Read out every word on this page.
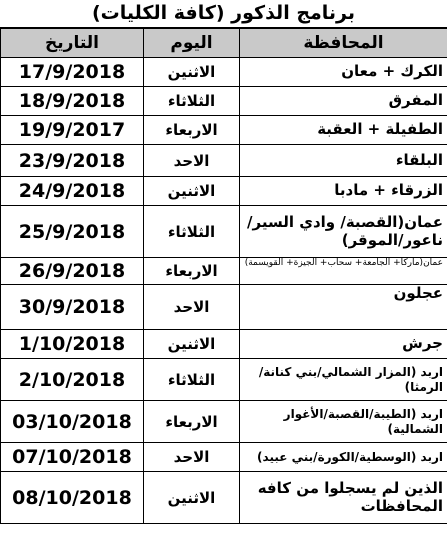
برنامج الذكور (كافة الكليات)
المحافظة	اليوم	التاريخ
الكرك + معان	الاثنين	17/9/2018
المفرق	الثلاثاء	18/9/2018
الطفيلة + العقبة	الاربعاء	19/9/2017
البلقاء	الاحد	23/9/2018
الزرقاء + مادبا	الاثنين	24/9/2018
عمان(القصبة/ وادي السير/ ناعور/الموقر)	الثلاثاء	25/9/2018
عمان(ماركا+ الجامعة+ سحاب+ الجيزة+ القويسمة)	الاربعاء	26/9/2018
عجلون	الاحد	30/9/2018
جرش	الاثنين	1/10/2018
اربد (المزار الشمالي/بني كنانة/ الرمثا)	الثلاثاء	2/10/2018
اربد (الطيبة/القصبة/الأغوار الشمالية)	الاربعاء	03/10/2018
اربد (الوسطية/الكورة/بني عبيد)	الاحد	07/10/2018
الذين لم يسجلوا من كافه المحافظات	الاثنين	08/10/2018
